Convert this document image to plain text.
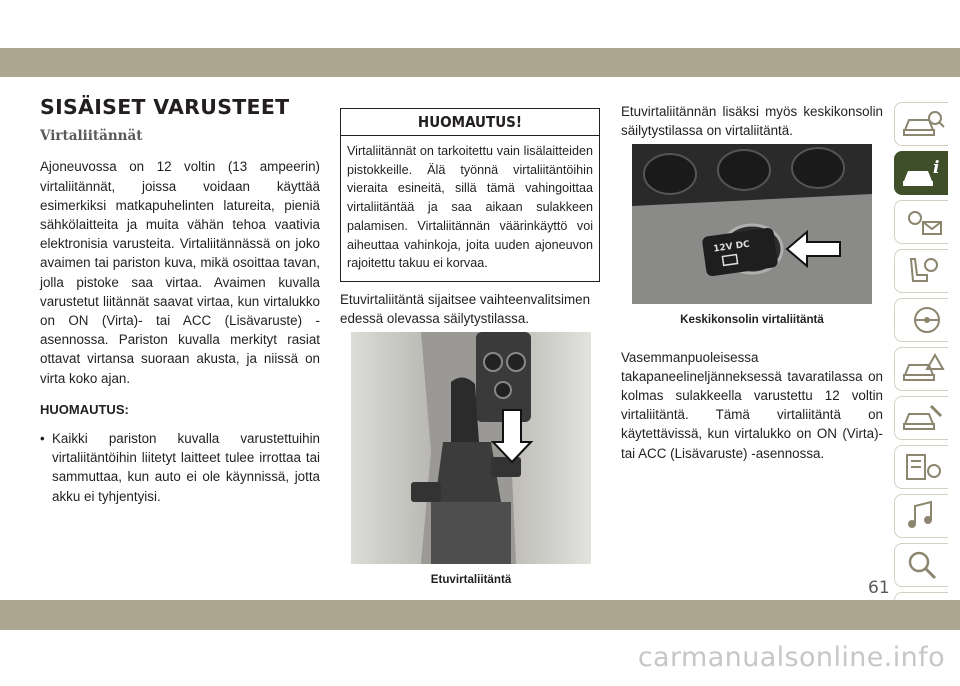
SISÄISET VARUSTEET
Virtaliitännät

Ajoneuvossa on 12 voltin (13 ampeerin) virtaliitännät, joissa voidaan käyttää esimerkiksi matkapuhelinten latureita, pieniä sähkölaitteita ja muita vähän tehoa vaativia elektronisia varusteita. Virtaliitännässä on joko avaimen tai pariston kuva, mikä osoittaa tavan, jolla pistoke saa virtaa. Avaimen kuvalla varustetut liitännät saavat virtaa, kun virtalukko on ON (Virta)- tai ACC (Lisävaruste) -asennossa. Pariston kuvalla merkityt rasiat ottavat virtansa suoraan akusta, ja niissä on virta koko ajan.

HUOMAUTUS:
• Kaikki pariston kuvalla varustettuihin virtaliitäntöihin liitetyt laitteet tulee irrottaa tai sammuttaa, kun auto ei ole käynnissä, jotta akku ei tyhjentyisi.
HUOMAUTUS!
Virtaliitännät on tarkoitettu vain lisälaitteiden pistokkeille. Älä työnnä virtaliitäntöihin vieraita esineitä, sillä tämä vahingoittaa virtaliitäntää ja saa aikaan sulakkeen palamisen. Virtaliitännän väärinkäyttö voi aiheuttaa vahinkoja, joita uuden ajoneuvon rajoitettu takuu ei korvaa.

Etuvirtaliitäntä sijaitsee vaihteenvalitsimen edessä olevassa säilytystilassa.

Etuvirtaliitäntä

Etuvirtaliitännän lisäksi myös keskikonsolin säilytystilassa on virtaliitäntä.

12V DC
Keskikonsolin virtaliitäntä

Vasemmanpuoleisessa takapaneelineljänneksessä tavaratilassa on kolmas sulakkeella varustettu 12 voltin virtaliitäntä. Tämä virtaliitäntä on käytettävissä, kun virtalukko on ON (Virta)- tai ACC (Lisävaruste) -asennossa.

i
61
carmanualsonline.info
